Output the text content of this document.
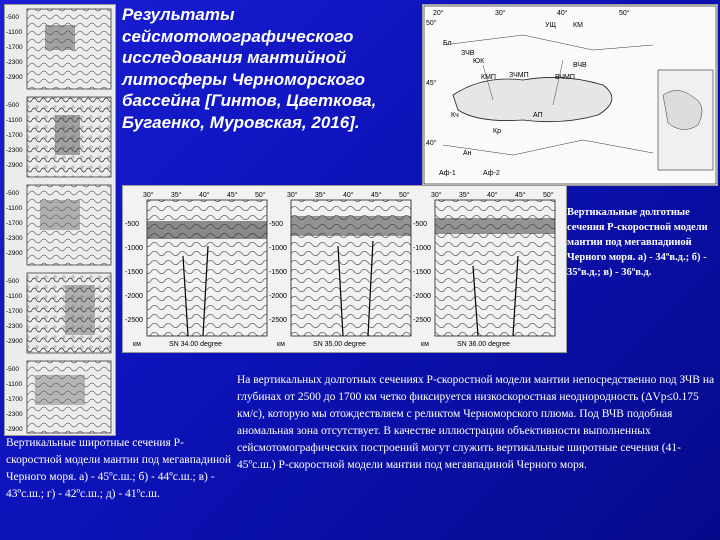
-500
-1100
-1700
-2300
-2900
-500
-1100
-1700
-2300
-2900
-500
-1100
-1700
-2300
-2900
-500
-1100
-1700
-2300
-2900
-500
-1100
-1700
-2300
-2900
Результаты сейсмотомографического исследования мантийной литосферы Черноморского бассейна [Гинтов, Цветкова, Бугаенко, Муровская, 2016].
УЩ КМ
ЗЧВ
ВЧВ
ЮК
КМП ЗЧМП	ВЧМП
Бл
Кч
Кр
Ан
АП
Аф-1	Аф-2
50°
45°
40°
20°	30°	40°	50°
30° 35° 40° 45° 50°
-500
-1000
-1500
-2000
-2500
км	SN 34.00 degree
30° 35° 40° 45° 50°
-500
-1000
-1500
-2000
-2500
км	SN 35.00 degree
30° 35° 40° 45° 50°
-500
-1000
-1500
-2000
-2500
км	SN 36.00 degree
Вертикальные долготные сечения P-скоростной модели мантии под мегавпадиной Черного моря. а) - 34ºв.д.; б) - 35ºв.д.; в) - 36ºв.д.
Вертикальные широтные сечения P-скоростной модели мантии под мегавпадиной Черного моря. а) - 45ºс.ш.; б) - 44ºс.ш.; в) - 43ºс.ш.; г) - 42ºс.ш.; д) - 41ºс.ш.
На вертикальных долготных сечениях P-скоростной модели мантии непосредственно под ЗЧВ на глубинах от 2500 до 1700 км четко фиксируется низкоскоростная неоднородность (ΔVp≤0.175 км/с), которую мы отождествляем с реликтом Черноморского плюма. Под ВЧВ подобная аномальная зона отсутствует. В качестве иллюстрации объективности выполненных сейсмотомографических построений могут служить вертикальные широтные сечения (41-45ºс.ш.) P-скоростной модели мантии под мегавпадиной Черного моря.
